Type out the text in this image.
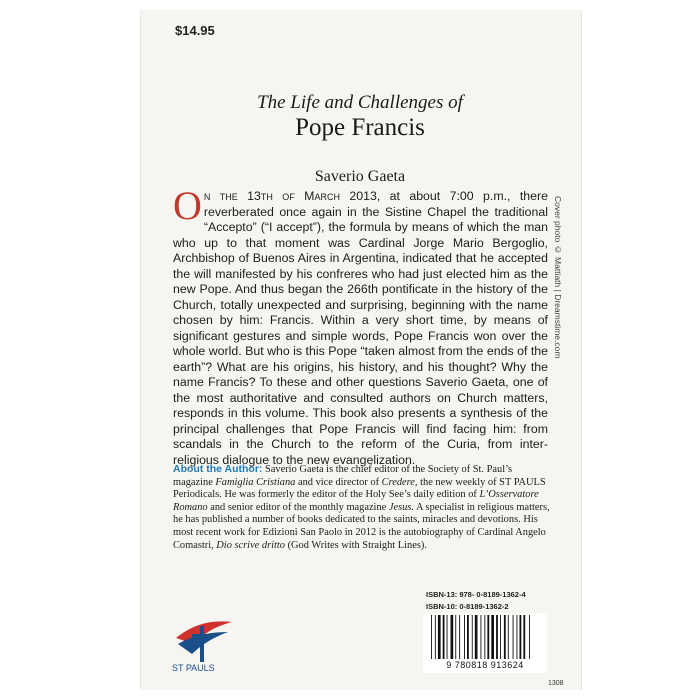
$14.95
The Life and Challenges of
Pope Francis
Saverio Gaeta
On the 13th of March 2013, at about 7:00 p.m., there reverberated once again in the Sistine Chapel the traditional “Accepto” (“I accept”), the formula by means of which the man who up to that moment was Cardinal Jorge Mario Bergoglio, Archbishop of Buenos Aires in Argentina, indicated that he accepted the will manifested by his confreres who had just elected him as the new Pope. And thus began the 266th pontificate in the history of the Church, totally unexpected and surprising, beginning with the name chosen by him: Francis. Within a very short time, by means of significant gestures and simple words, Pope Francis won over the whole world. But who is this Pope “taken almost from the ends of the earth”? What are his origins, his history, and his thought? Why the name Francis? To these and other questions Saverio Gaeta, one of the most authoritative and consulted authors on Church matters, responds in this volume. This book also presents a synthesis of the principal challenges that Pope Francis will find facing him: from scandals in the Church to the reform of the Curia, from inter-religious dialogue to the new evangelization.
About the Author: Saverio Gaeta is the chief editor of the Society of St. Paul’s magazine Famiglia Cristiana and vice director of Credere, the new weekly of ST PAULS Periodicals. He was formerly the editor of the Holy See’s daily edition of L’Osservatore Romano and senior editor of the monthly magazine Jesus. A specialist in religious matters, he has published a number of books dedicated to the saints, miracles and devotions. His most recent work for Edizioni San Paolo in 2012 is the autobiography of Cardinal Angelo Comastri, Dio scrive dritto (God Writes with Straight Lines).
Cover photo © Mattiath | Dreamstime.com
ISBN-13: 978- 0-8189-1362-4
ISBN-10: 0-8189-1362-2
9 780818 913624
ST PAULS
1308
